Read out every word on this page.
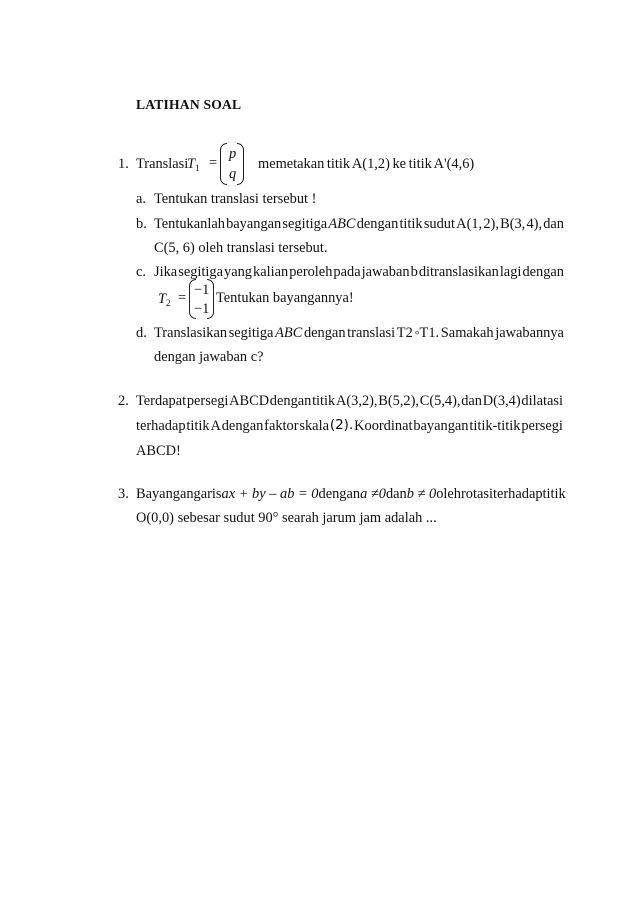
LATIHAN SOAL
1. Translasi
$T_1$ =
p
q
memetakan titik A(1,2) ke titik A'(4,6)
a. Tentukan translasi tersebut !
b. Tentukanlah bayangan segitiga ABC dengan titik sudut A(1, 2), B(3, 4), dan
C(5, 6) oleh translasi tersebut.
c. Jika segitiga yang kalian peroleh pada jawaban b ditranslasikan lagi dengan
$T_2 = -1$
−1
Tentukan bayangannya!
d. Translasikan segitiga ABC dengan translasi T2 ◦T1. Samakah jawabannya
dengan jawaban c?
2. Terdapat persegi ABCD dengan titik A(3,2), B(5,2), C(5,4), dan D(3,4) dilatasi
terhadap titik A dengan faktor skala (2). Koordinat bayangan titik-titik persegi
ABCD!
3. Bayangan garis ax + by – ab = 0 dengan a ≠0 dan b ≠ 0 oleh rotasi terhadap titik
O(0,0) sebesar sudut 90° searah jarum jam adalah ...
